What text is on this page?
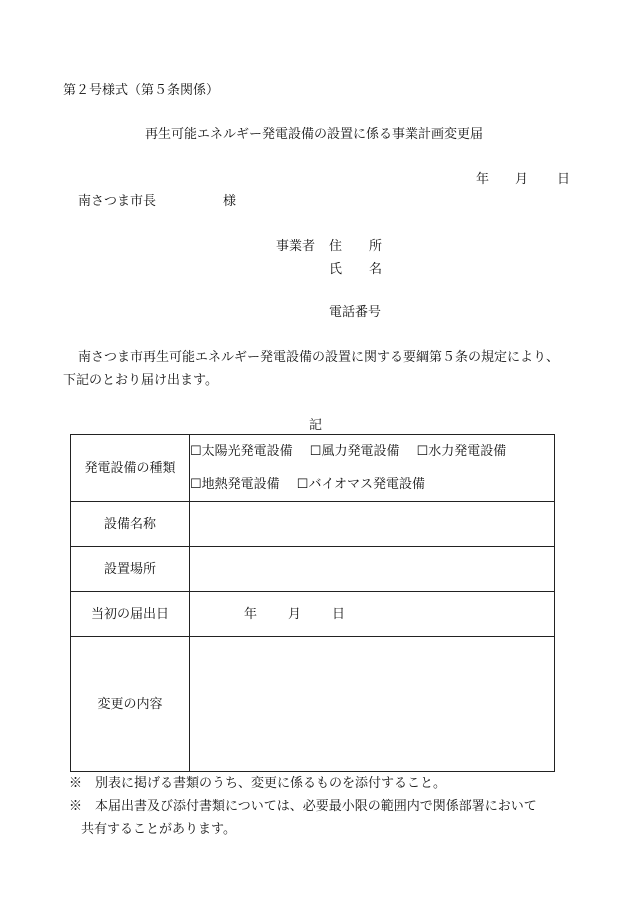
第２号様式（第５条関係）
再生可能エネルギー発電設備の設置に係る事業計画変更届
年 月 日
南さつま市長	様
事業者 住 所
氏 名
電話番号
南さつま市再生可能エネルギー発電設備の設置に関する要綱第５条の規定により、
下記のとおり届け出ます。
記
発電設備の種類	☐太陽光発電設備 ☐風力発電設備 ☐水力発電設備
☐地熱発電設備 ☐バイオマス発電設備

設備名称	
設置場所	
当初の届出日	年 月 日
変更の内容	
※　別表に掲げる書類のうち、変更に係るものを添付すること。
※　本届出書及び添付書類については、必要最小限の範囲内で関係部署において
共有することがあります。
